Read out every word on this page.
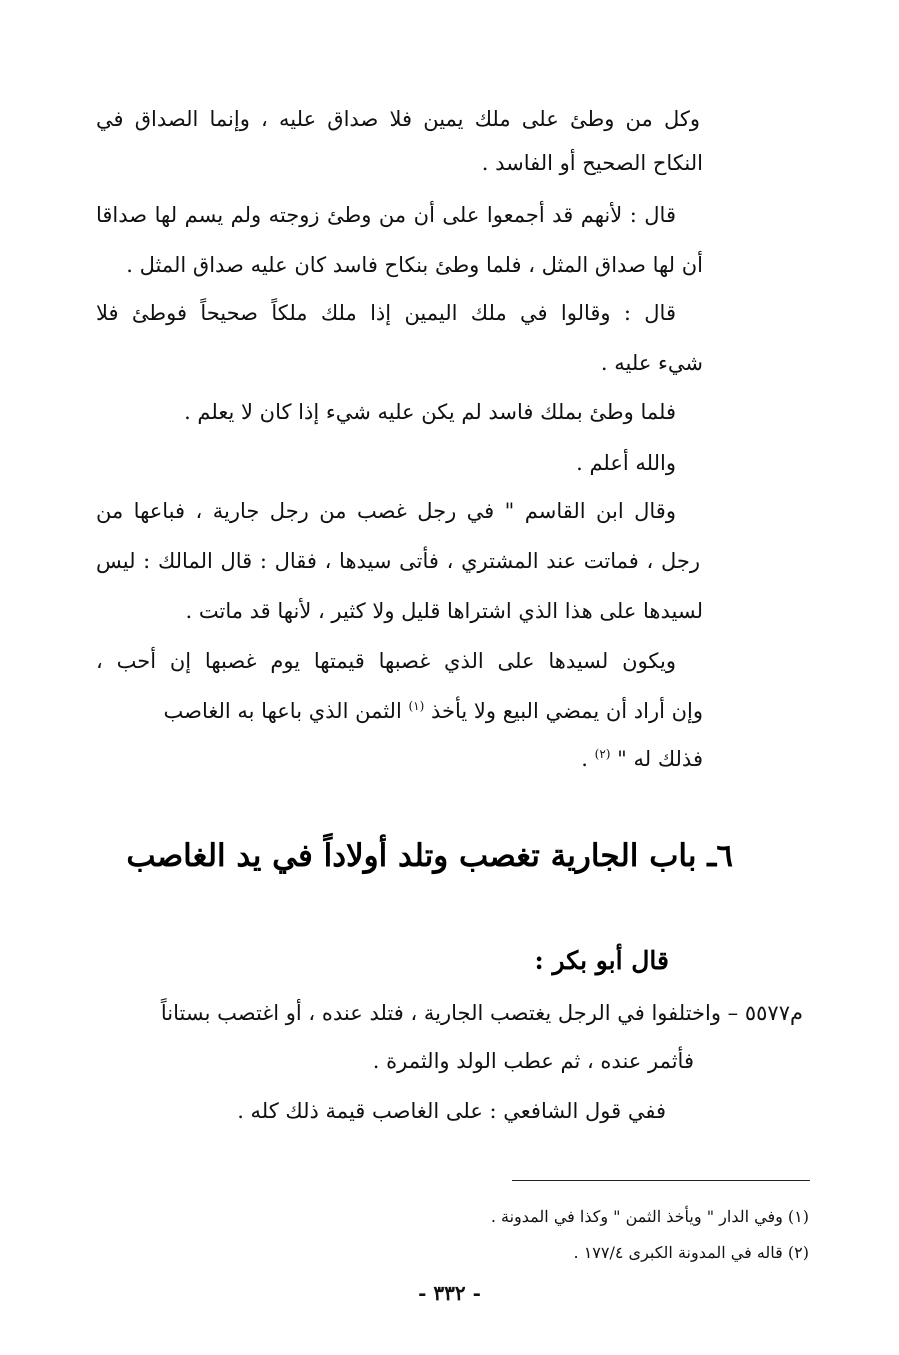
وكل من وطئ على ملك يمين فلا صداق عليه ، وإنما الصداق في
النكاح الصحيح أو الفاسد .
قال : لأنهم قد أجمعوا على أن من وطئ زوجته ولم يسم لها صداقا
أن لها صداق المثل ، فلما وطئ بنكاح فاسد كان عليه صداق المثل .
قال : وقالوا في ملك اليمين إذا ملك ملكاً صحيحاً فوطئ فلا
شيء عليه .
فلما وطئ بملك فاسد لم يكن عليه شيء إذا كان لا يعلم .
والله أعلم .
وقال ابن القاسم " في رجل غصب من رجل جارية ، فباعها من
رجل ، فماتت عند المشتري ، فأتى سيدها ، فقال : قال المالك : ليس
لسيدها على هذا الذي اشتراها قليل ولا كثير ، لأنها قد ماتت .
ويكون لسيدها على الذي غصبها قيمتها يوم غصبها إن أحب ،
وإن أراد أن يمضي البيع ولا يأخذ $^{(١)}$ الثمن الذي باعها به الغاصب
فذلك له " $^{(٢)}$ .
٦ـ باب الجارية تغصب وتلد أولاداً في يد الغاصب
قال أبو بكر :
م٥٥٧٧ – واختلفوا في الرجل يغتصب الجارية ، فتلد عنده ، أو اغتصب بستاناً
فأثمر عنده ، ثم عطب الولد والثمرة .
ففي قول الشافعي : على الغاصب قيمة ذلك كله .
(١) وفي الدار " ويأخذ الثمن " وكذا في المدونة .
(٢) قاله في المدونة الكبرى ١٧٧/٤ .
- ٣٣٢ -
